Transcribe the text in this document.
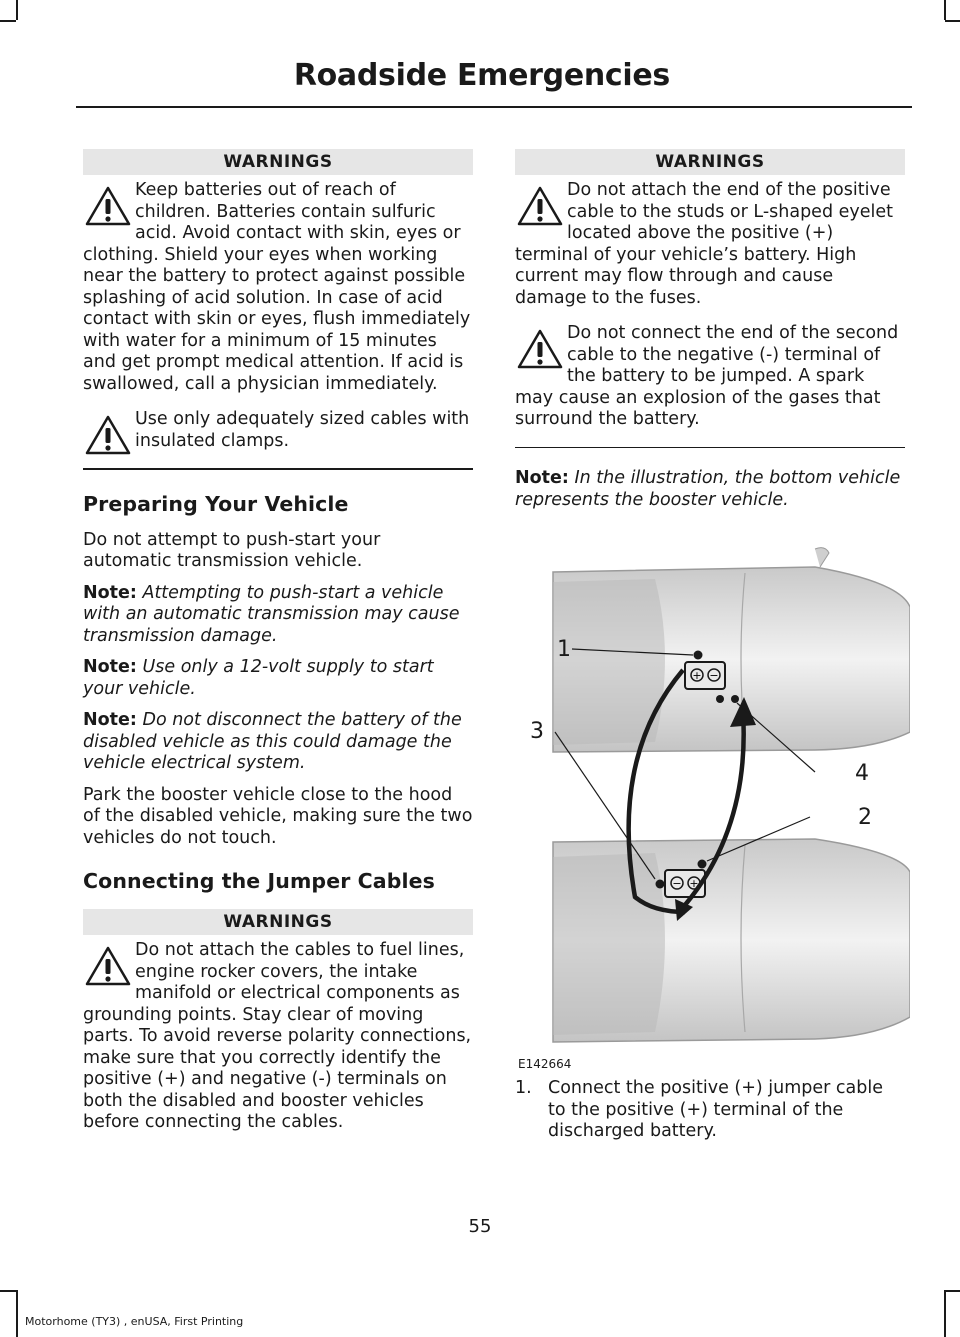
Roadside Emergencies
WARNINGS
Keep batteries out of reach of children. Batteries contain sulfuric acid. Avoid contact with skin, eyes or clothing. Shield your eyes when working near the battery to protect against possible splashing of acid solution. In case of acid contact with skin or eyes, flush immediately with water for a minimum of 15 minutes and get prompt medical attention. If acid is swallowed, call a physician immediately.
Use only adequately sized cables with insulated clamps.
Preparing Your Vehicle

Do not attempt to push-start your automatic transmission vehicle.

Note: Attempting to push-start a vehicle with an automatic transmission may cause transmission damage.

Note: Use only a 12-volt supply to start your vehicle.

Note: Do not disconnect the battery of the disabled vehicle as this could damage the vehicle electrical system.

Park the booster vehicle close to the hood of the disabled vehicle, making sure the two vehicles do not touch.

Connecting the Jumper Cables
WARNINGS
Do not attach the cables to fuel lines, engine rocker covers, the intake manifold or electrical components as grounding points. Stay clear of moving parts. To avoid reverse polarity connections, make sure that you correctly identify the positive (+) and negative (-) terminals on both the disabled and booster vehicles before connecting the cables.
WARNINGS
Do not attach the end of the positive cable to the studs or L-shaped eyelet located above the positive (+) terminal of your vehicle’s battery. High current may flow through and cause damage to the fuses.
Do not connect the end of the second cable to the negative (-) terminal of the battery to be jumped. A spark may cause an explosion of the gases that surround the battery.

Note: In the illustration, the bottom vehicle represents the booster vehicle.

+ −
− +
1
2
3
4
E142664
1. Connect the positive (+) jumper cable to the positive (+) terminal of the discharged battery.
55
Motorhome (TY3) , enUSA, First Printing
